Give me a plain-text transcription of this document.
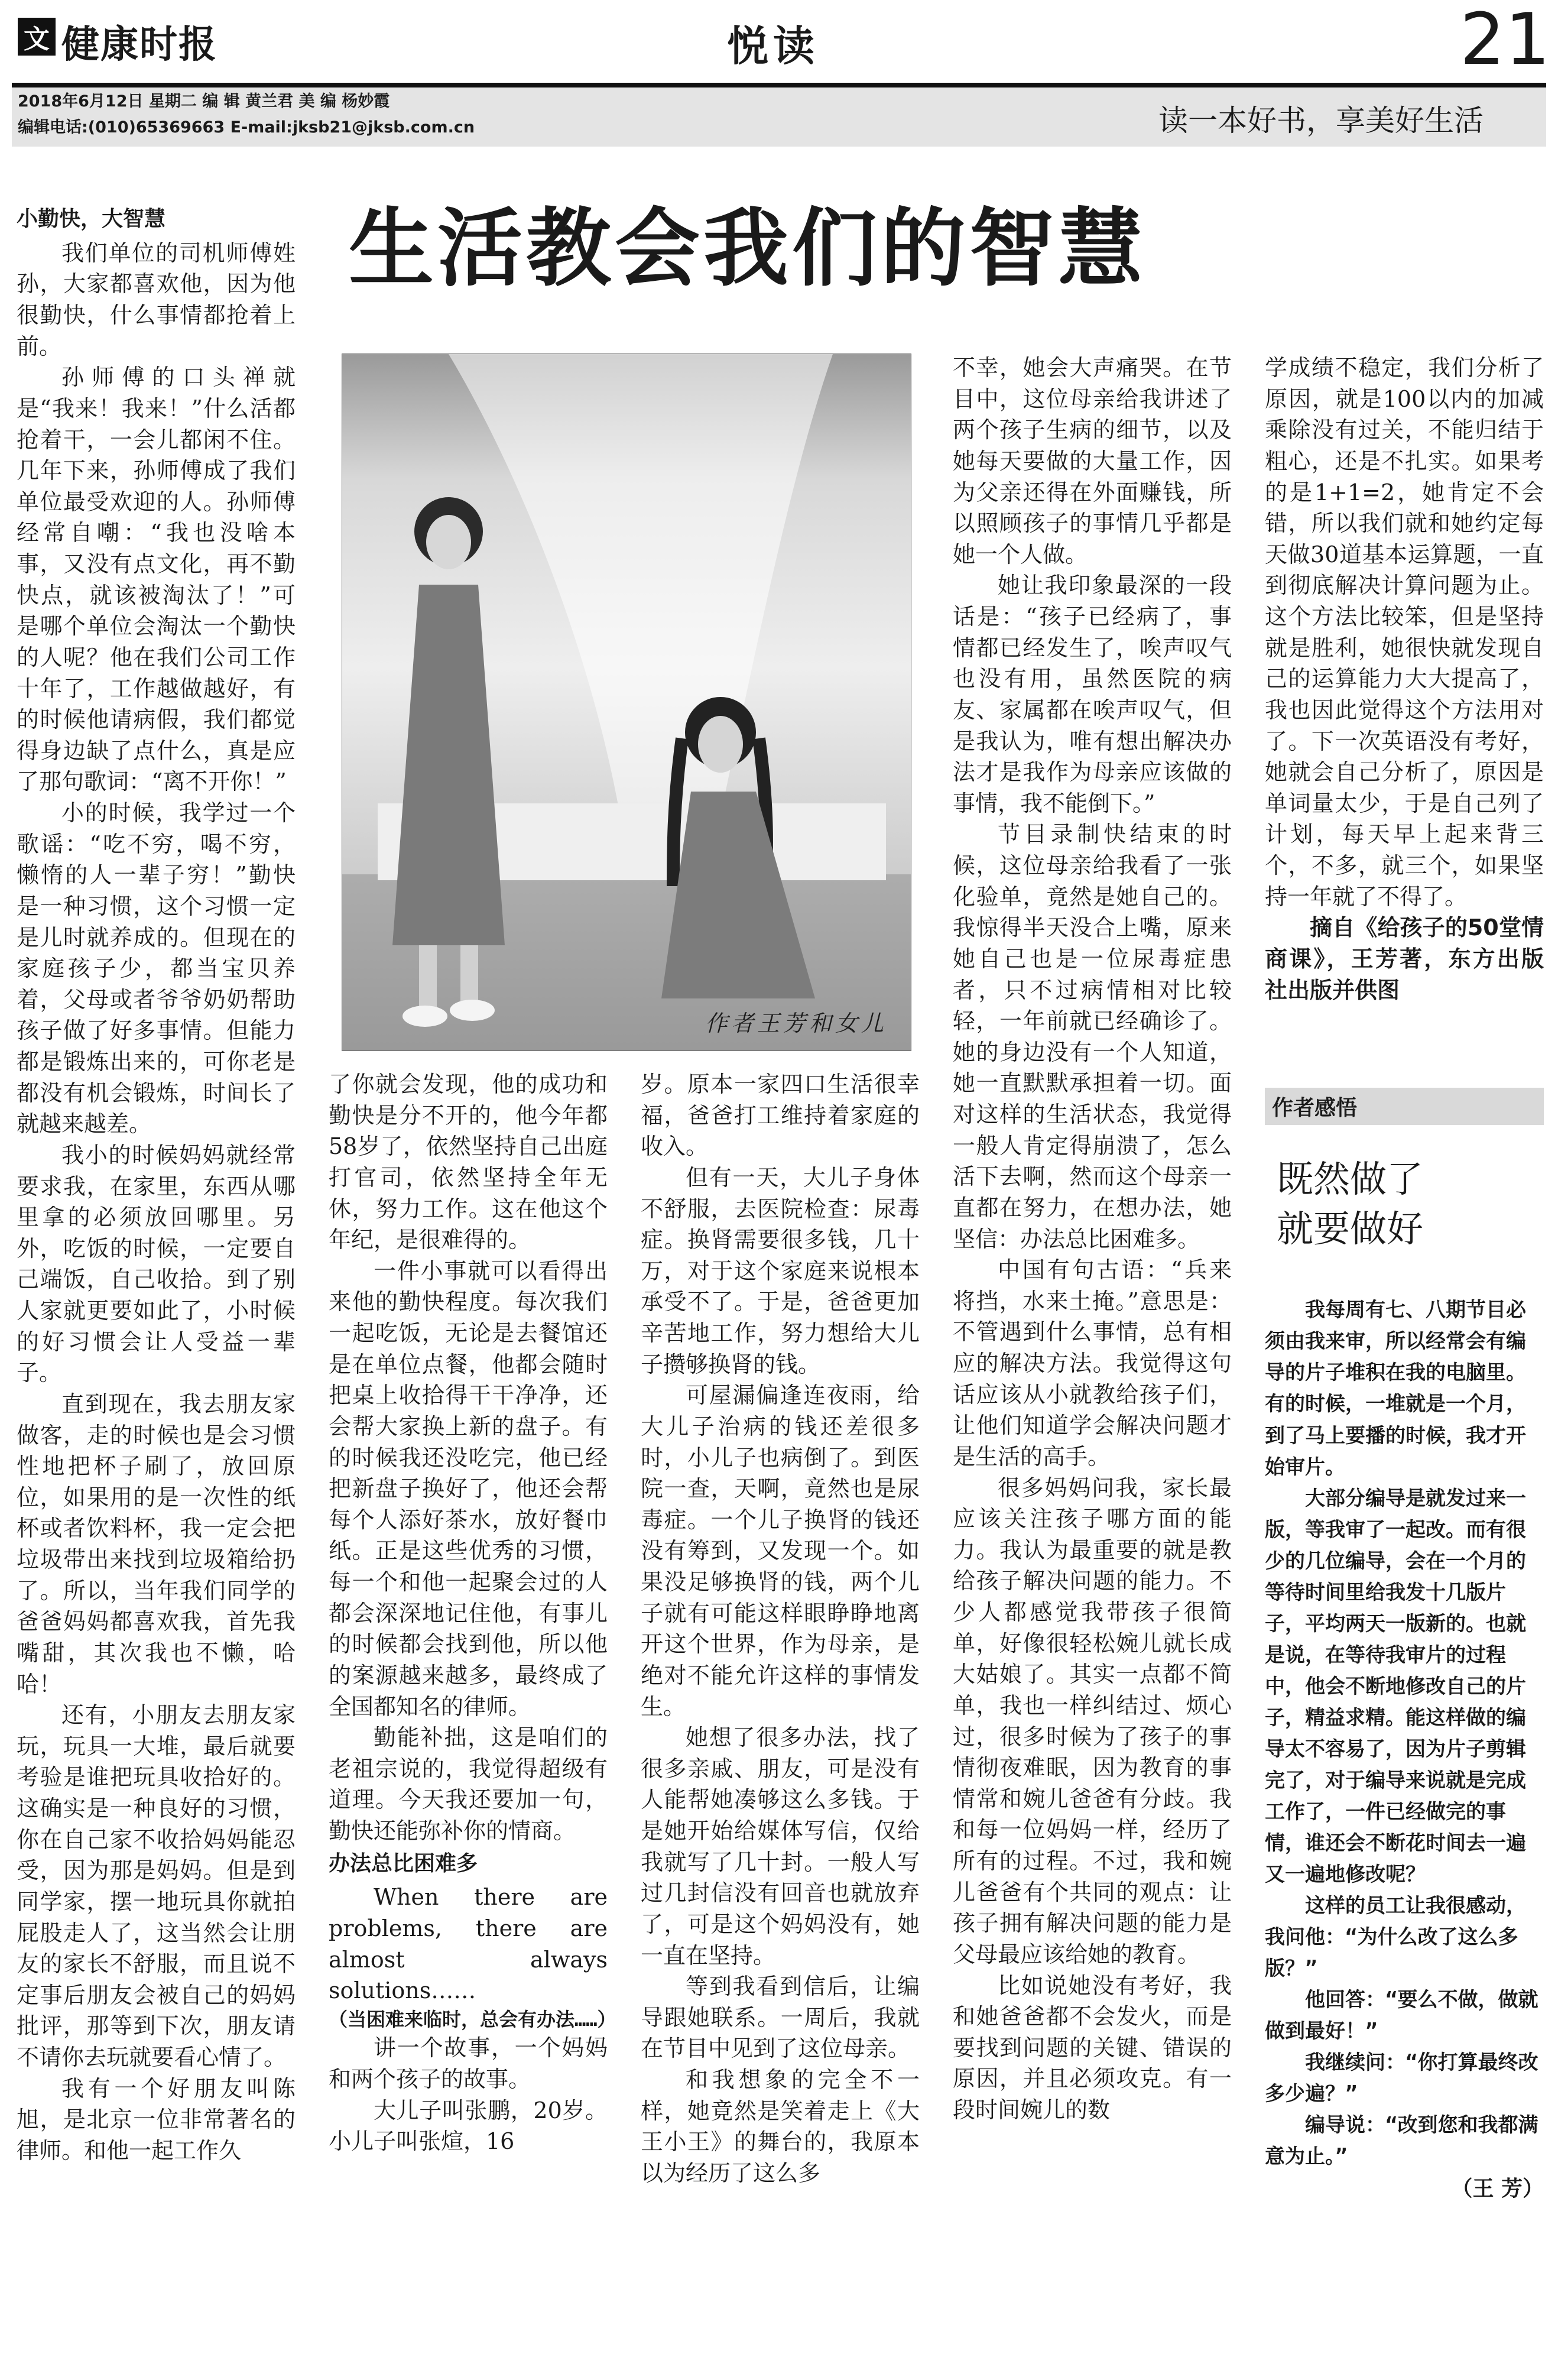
文 健康时报	悦读	21
2018年6月12日 星期二 编 辑 黄兰君 美 编 杨妙霞
编辑电话:(010)65369663 E-mail:jksb21@jksb.com.cn	读一本好书，享美好生活
生活教会我们的智慧
作者王芳和女儿
小勤快，大智慧

我们单位的司机师傅姓孙，大家都喜欢他，因为他很勤快，什么事情都抢着上前。

孙师傅的口头禅就是“我来！我来！”什么活都抢着干，一会儿都闲不住。几年下来，孙师傅成了我们单位最受欢迎的人。孙师傅经常自嘲：“我也没啥本事，又没有点文化，再不勤快点，就该被淘汰了！”可是哪个单位会淘汰一个勤快的人呢？他在我们公司工作十年了，工作越做越好，有的时候他请病假，我们都觉得身边缺了点什么，真是应了那句歌词：“离不开你！”

小的时候，我学过一个歌谣：“吃不穷，喝不穷，懒惰的人一辈子穷！”勤快是一种习惯，这个习惯一定是儿时就养成的。但现在的家庭孩子少，都当宝贝养着，父母或者爷爷奶奶帮助孩子做了好多事情。但能力都是锻炼出来的，可你老是都没有机会锻炼，时间长了就越来越差。

我小的时候妈妈就经常要求我，在家里，东西从哪里拿的必须放回哪里。另外，吃饭的时候，一定要自己端饭，自己收拾。到了别人家就更要如此了，小时候的好习惯会让人受益一辈子。

直到现在，我去朋友家做客，走的时候也是会习惯性地把杯子刷了，放回原位，如果用的是一次性的纸杯或者饮料杯，我一定会把垃圾带出来找到垃圾箱给扔了。所以，当年我们同学的爸爸妈妈都喜欢我，首先我嘴甜，其次我也不懒，哈哈！

还有，小朋友去朋友家玩，玩具一大堆，最后就要考验是谁把玩具收拾好的。这确实是一种良好的习惯，你在自己家不收拾妈妈能忍受，因为那是妈妈。但是到同学家，摆一地玩具你就拍屁股走人了，这当然会让朋友的家长不舒服，而且说不定事后朋友会被自己的妈妈批评，那等到下次，朋友请不请你去玩就要看心情了。

我有一个好朋友叫陈旭，是北京一位非常著名的律师。和他一起工作久

了你就会发现，他的成功和勤快是分不开的，他今年都58岁了，依然坚持自己出庭打官司，依然坚持全年无休，努力工作。这在他这个年纪，是很难得的。

一件小事就可以看得出来他的勤快程度。每次我们一起吃饭，无论是去餐馆还是在单位点餐，他都会随时把桌上收拾得干干净净，还会帮大家换上新的盘子。有的时候我还没吃完，他已经把新盘子换好了，他还会帮每个人添好茶水，放好餐巾纸。正是这些优秀的习惯，每一个和他一起聚会过的人都会深深地记住他，有事儿的时候都会找到他，所以他的案源越来越多，最终成了全国都知名的律师。

勤能补拙，这是咱们的老祖宗说的，我觉得超级有道理。今天我还要加一句，勤快还能弥补你的情商。

办法总比困难多

When there are problems, there are almost always solutions……

（当困难来临时，总会有办法……）

讲一个故事，一个妈妈和两个孩子的故事。

大儿子叫张鹏，20岁。小儿子叫张煊，16

岁。原本一家四口生活很幸福，爸爸打工维持着家庭的收入。

但有一天，大儿子身体不舒服，去医院检查：尿毒症。换肾需要很多钱，几十万，对于这个家庭来说根本承受不了。于是，爸爸更加辛苦地工作，努力想给大儿子攒够换肾的钱。

可屋漏偏逢连夜雨，给大儿子治病的钱还差很多时，小儿子也病倒了。到医院一查，天啊，竟然也是尿毒症。一个儿子换肾的钱还没有筹到，又发现一个。如果没足够换肾的钱，两个儿子就有可能这样眼睁睁地离开这个世界，作为母亲，是绝对不能允许这样的事情发生。

她想了很多办法，找了很多亲戚、朋友，可是没有人能帮她凑够这么多钱。于是她开始给媒体写信，仅给我就写了几十封。一般人写过几封信没有回音也就放弃了，可是这个妈妈没有，她一直在坚持。

等到我看到信后，让编导跟她联系。一周后，我就在节目中见到了这位母亲。

和我想象的完全不一样，她竟然是笑着走上《大王小王》的舞台的，我原本以为经历了这么多

不幸，她会大声痛哭。在节目中，这位母亲给我讲述了两个孩子生病的细节，以及她每天要做的大量工作，因为父亲还得在外面赚钱，所以照顾孩子的事情几乎都是她一个人做。

她让我印象最深的一段话是：“孩子已经病了，事情都已经发生了，唉声叹气也没有用，虽然医院的病友、家属都在唉声叹气，但是我认为，唯有想出解决办法才是我作为母亲应该做的事情，我不能倒下。”

节目录制快结束的时候，这位母亲给我看了一张化验单，竟然是她自己的。我惊得半天没合上嘴，原来她自己也是一位尿毒症患者，只不过病情相对比较轻，一年前就已经确诊了。她的身边没有一个人知道，她一直默默承担着一切。面对这样的生活状态，我觉得一般人肯定得崩溃了，怎么活下去啊，然而这个母亲一直都在努力，在想办法，她坚信：办法总比困难多。

中国有句古语：“兵来将挡，水来土掩。”意思是：不管遇到什么事情，总有相应的解决方法。我觉得这句话应该从小就教给孩子们，让他们知道学会解决问题才是生活的高手。

很多妈妈问我，家长最应该关注孩子哪方面的能力。我认为最重要的就是教给孩子解决问题的能力。不少人都感觉我带孩子很简单，好像很轻松婉儿就长成大姑娘了。其实一点都不简单，我也一样纠结过、烦心过，很多时候为了孩子的事情彻夜难眠，因为教育的事情常和婉儿爸爸有分歧。我和每一位妈妈一样，经历了所有的过程。不过，我和婉儿爸爸有个共同的观点：让孩子拥有解决问题的能力是父母最应该给她的教育。

比如说她没有考好，我和她爸爸都不会发火，而是要找到问题的关键、错误的原因，并且必须攻克。有一段时间婉儿的数

学成绩不稳定，我们分析了原因，就是100以内的加减乘除没有过关，不能归结于粗心，还是不扎实。如果考的是1+1=2，她肯定不会错，所以我们就和她约定每天做30道基本运算题，一直到彻底解决计算问题为止。这个方法比较笨，但是坚持就是胜利，她很快就发现自己的运算能力大大提高了，我也因此觉得这个方法用对了。下一次英语没有考好，她就会自己分析了，原因是单词量太少，于是自己列了计划，每天早上起来背三个，不多，就三个，如果坚持一年就了不得了。

摘自《给孩子的50堂情商课》，王芳著，东方出版社出版并供图

作者感悟
既然做了
就要做好

我每周有七、八期节目必须由我来审，所以经常会有编导的片子堆积在我的电脑里。有的时候，一堆就是一个月，到了马上要播的时候，我才开始审片。

大部分编导是就发过来一版，等我审了一起改。而有很少的几位编导，会在一个月的等待时间里给我发十几版片子，平均两天一版新的。也就是说，在等待我审片的过程中，他会不断地修改自己的片子，精益求精。能这样做的编导太不容易了，因为片子剪辑完了，对于编导来说就是完成工作了，一件已经做完的事情，谁还会不断花时间去一遍又一遍地修改呢？

这样的员工让我很感动，我问他：“为什么改了这么多版？”

他回答：“要么不做，做就做到最好！”

我继续问：“你打算最终改多少遍？”

编导说：“改到您和我都满意为止。”

（王 芳）
